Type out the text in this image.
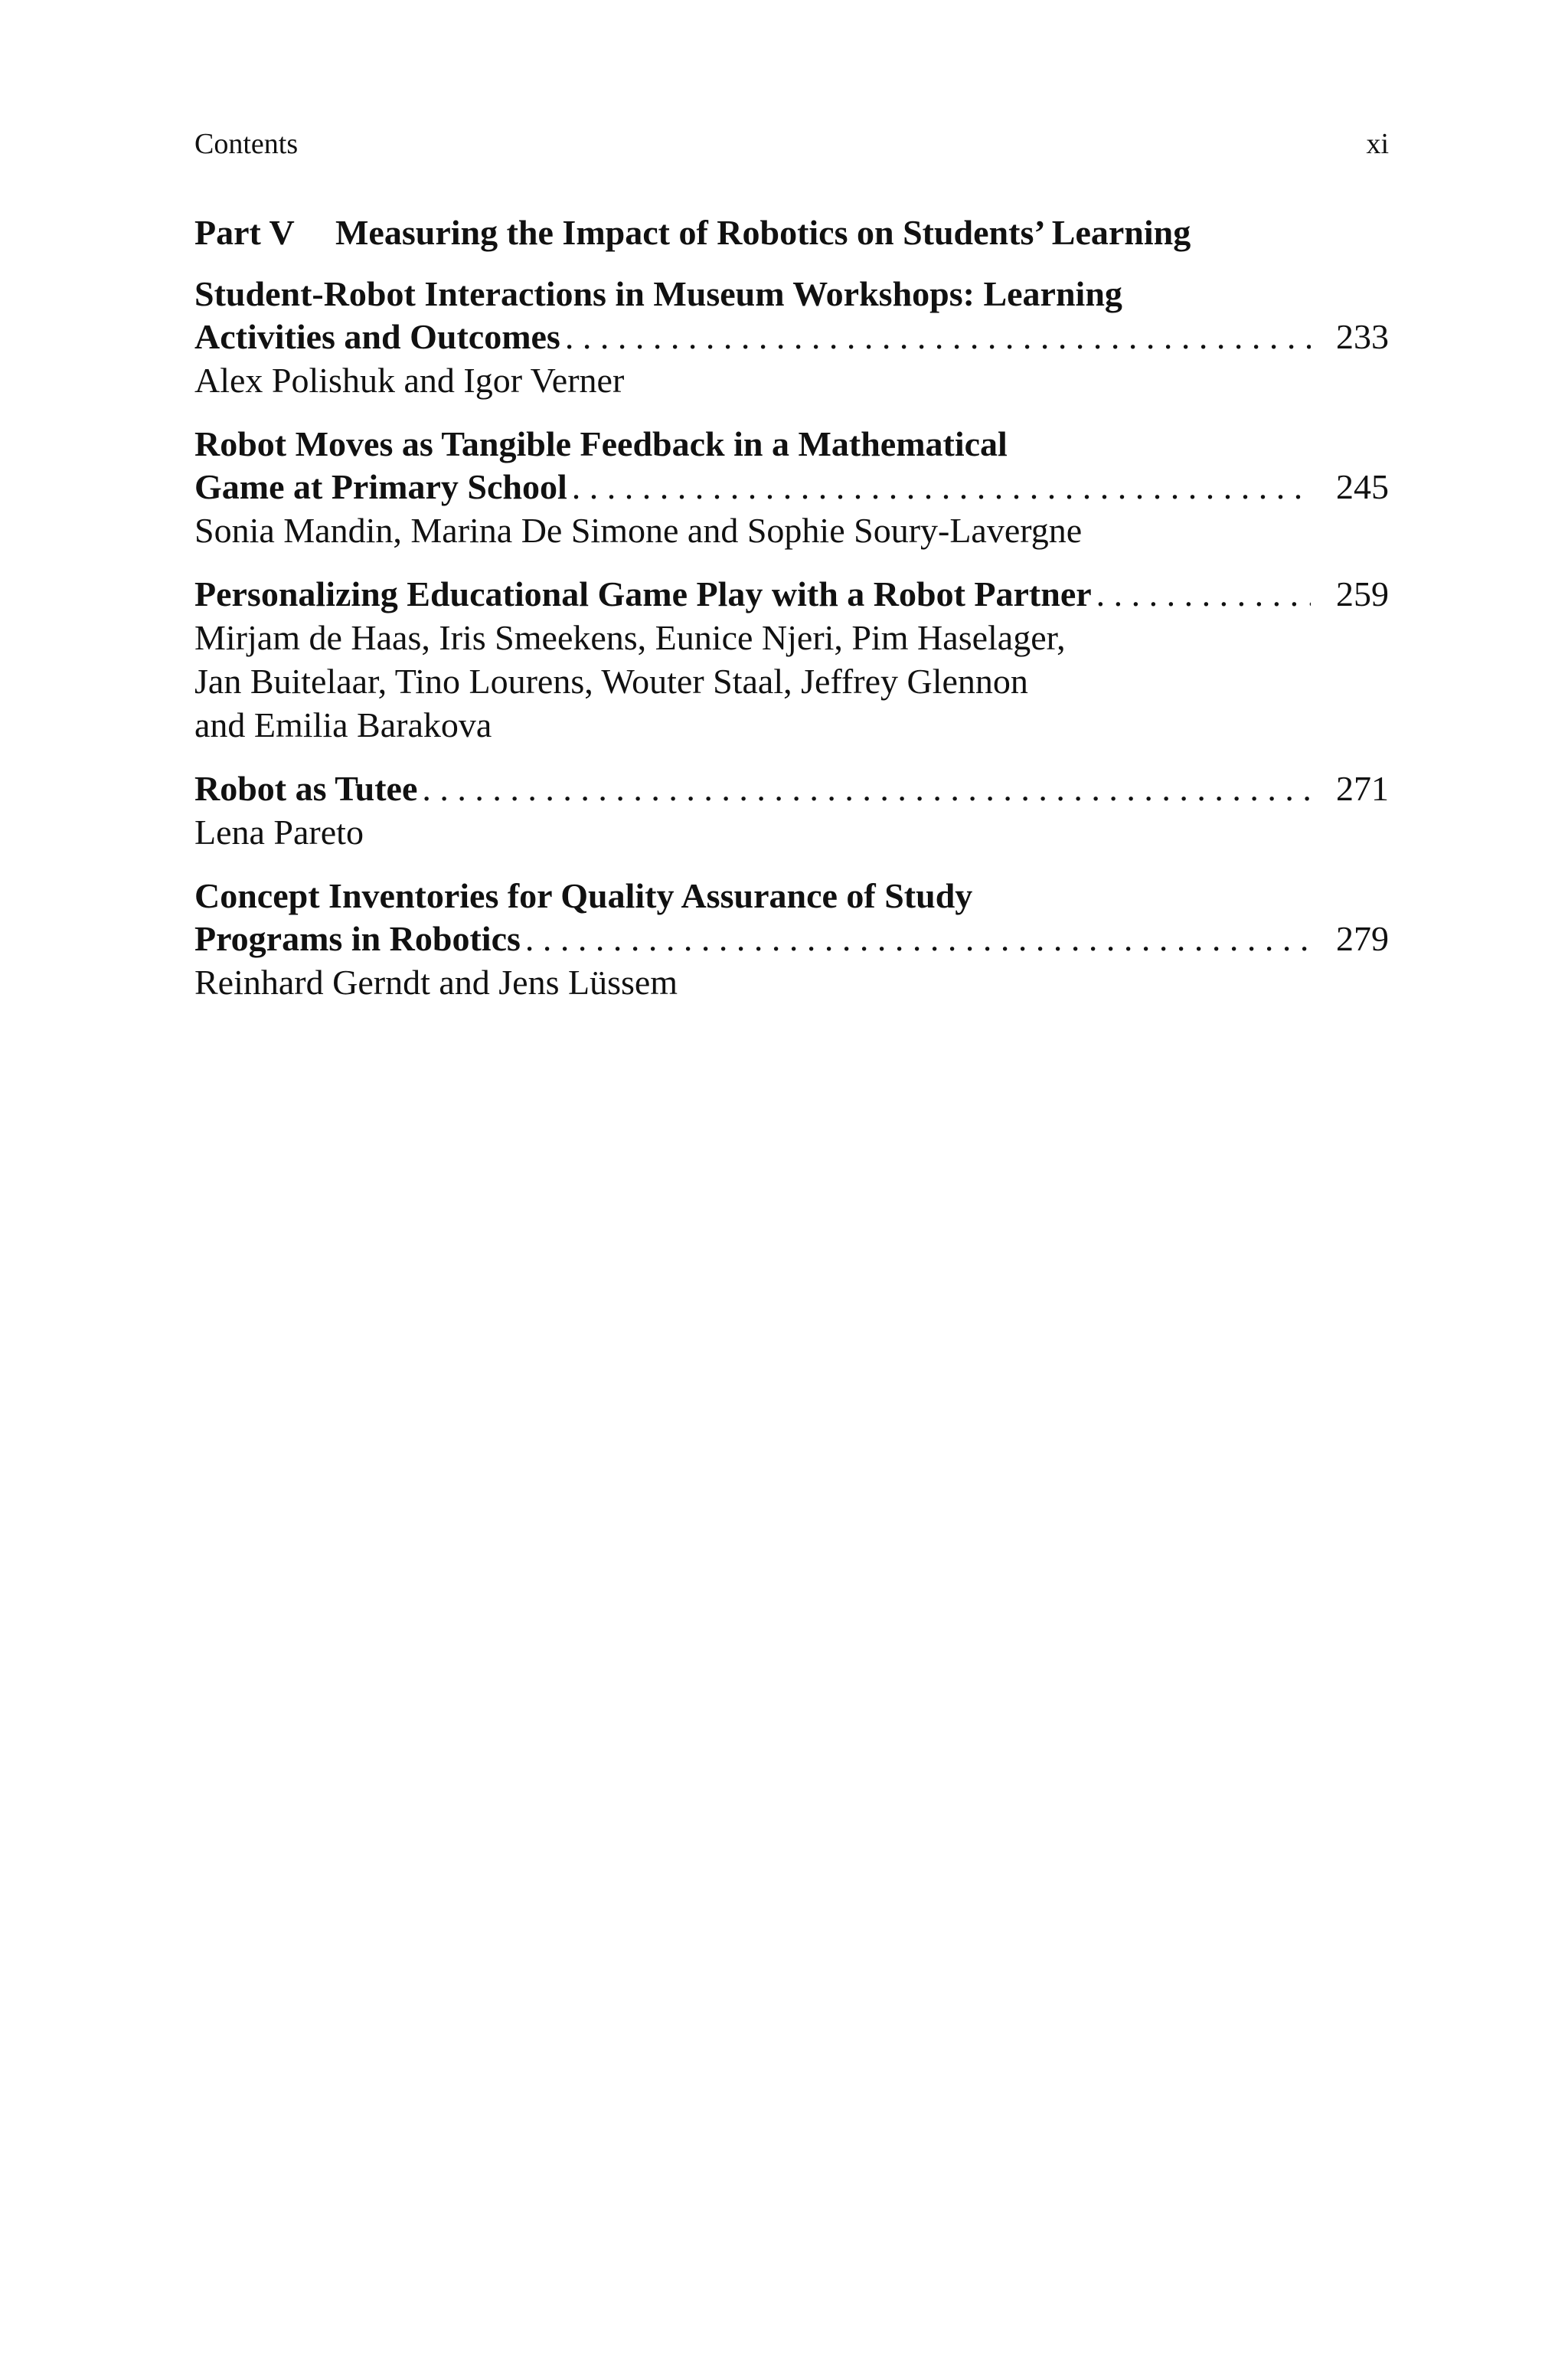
Contents	xi
Part V Measuring the Impact of Robotics on Students’ Learning
Student-Robot Interactions in Museum Workshops: Learning
Activities and Outcomes . . .	233
Alex Polishuk and Igor Verner
Robot Moves as Tangible Feedback in a Mathematical
Game at Primary School . . .	245
Sonia Mandin, Marina De Simone and Sophie Soury-Lavergne
Personalizing Educational Game Play with a Robot Partner . . .	259
Mirjam de Haas, Iris Smeekens, Eunice Njeri, Pim Haselager,
Jan Buitelaar, Tino Lourens, Wouter Staal, Jeffrey Glennon
and Emilia Barakova
Robot as Tutee . . .	271
Lena Pareto
Concept Inventories for Quality Assurance of Study
Programs in Robotics . . .	279
Reinhard Gerndt and Jens Lüssem
